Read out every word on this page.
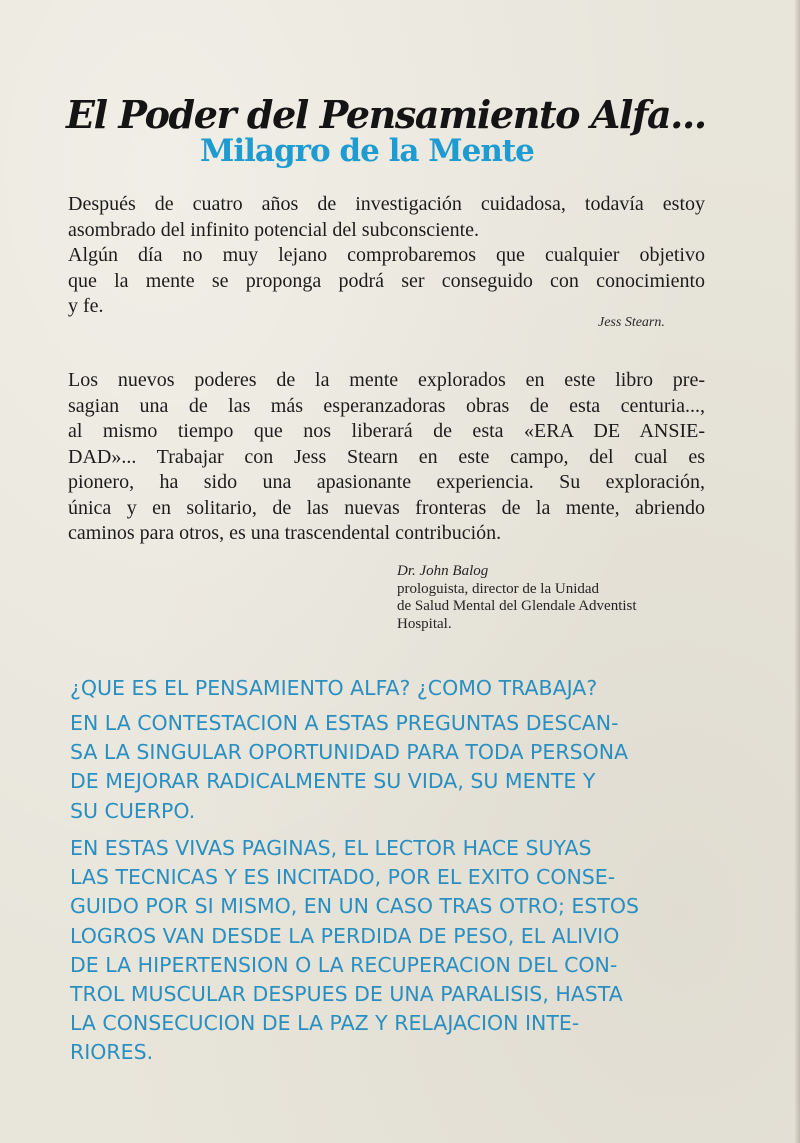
El Poder del Pensamiento Alfa...
Milagro de la Mente

Después de cuatro años de investigación cuidadosa, todavía estoy
asombrado del infinito potencial del subconsciente.
Algún día no muy lejano comprobaremos que cualquier objetivo
que la mente se proponga podrá ser conseguido con conocimiento
y fe.

Jess Stearn.

Los nuevos poderes de la mente explorados en este libro pre-
sagian una de las más esperanzadoras obras de esta centuria...,
al mismo tiempo que nos liberará de esta «ERA DE ANSIE-
DAD»... Trabajar con Jess Stearn en este campo, del cual es
pionero, ha sido una apasionante experiencia. Su exploración,
única y en solitario, de las nuevas fronteras de la mente, abriendo
caminos para otros, es una trascendental contribución.

Dr. John Balog
prologuista, director de la Unidad
de Salud Mental del Glendale Adventist
Hospital.

¿QUE ES EL PENSAMIENTO ALFA? ¿COMO TRABAJA?

EN LA CONTESTACION A ESTAS PREGUNTAS DESCAN-
SA LA SINGULAR OPORTUNIDAD PARA TODA PERSONA
DE MEJORAR RADICALMENTE SU VIDA, SU MENTE Y
SU CUERPO.

EN ESTAS VIVAS PAGINAS, EL LECTOR HACE SUYAS
LAS TECNICAS Y ES INCITADO, POR EL EXITO CONSE-
GUIDO POR SI MISMO, EN UN CASO TRAS OTRO; ESTOS
LOGROS VAN DESDE LA PERDIDA DE PESO, EL ALIVIO
DE LA HIPERTENSION O LA RECUPERACION DEL CON-
TROL MUSCULAR DESPUES DE UNA PARALISIS, HASTA
LA CONSECUCION DE LA PAZ Y RELAJACION INTE-
RIORES.
